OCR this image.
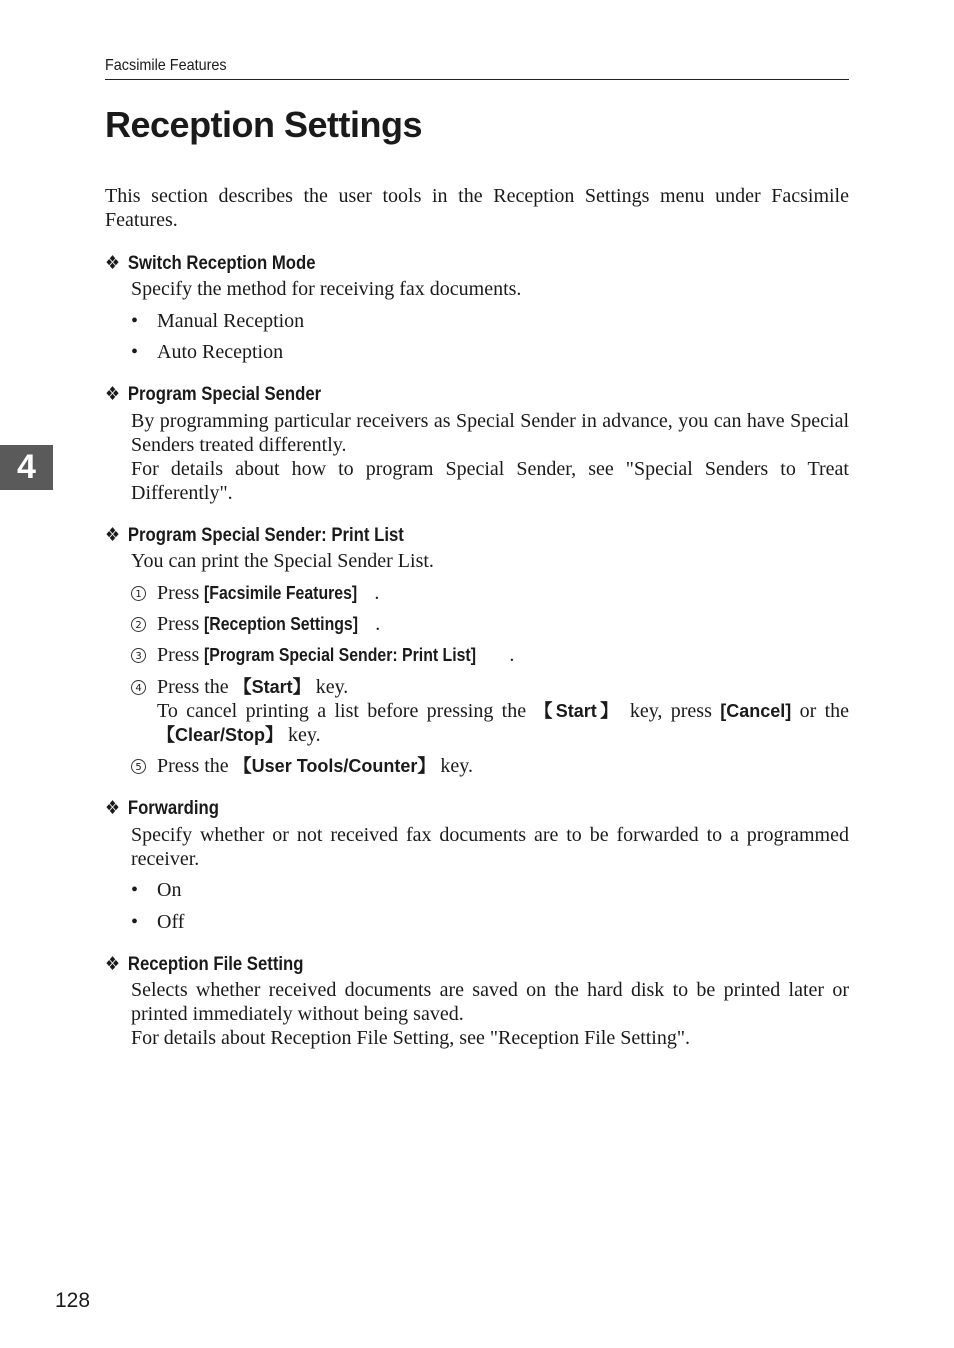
Facsimile Features
Reception Settings

This section describes the user tools in the Reception Settings menu under Facsimile Features.

4
❖ Switch Reception Mode

Specify the method for receiving fax documents.

• Manual Reception
• Auto Reception
❖ Program Special Sender

By programming particular receivers as Special Sender in advance, you can have Special Senders treated differently.

For details about how to program Special Sender, see "Special Senders to Treat Differently".

❖ Program Special Sender: Print List

You can print the Special Sender List.

1 Press [Facsimile Features] .
2 Press [Reception Settings] .
3 Press [Program Special Sender: Print List] .
4 Press the 【Start】 key.
To cancel printing a list before pressing the 【Start】 key, press [Cancel] or the 【Clear/Stop】 key.
5 Press the 【User Tools/Counter】 key.
❖ Forwarding

Specify whether or not received fax documents are to be forwarded to a programmed receiver.

• On
• Off
❖ Reception File Setting

Selects whether received documents are saved on the hard disk to be printed later or printed immediately without being saved.

For details about Reception File Setting, see "Reception File Setting".

128
